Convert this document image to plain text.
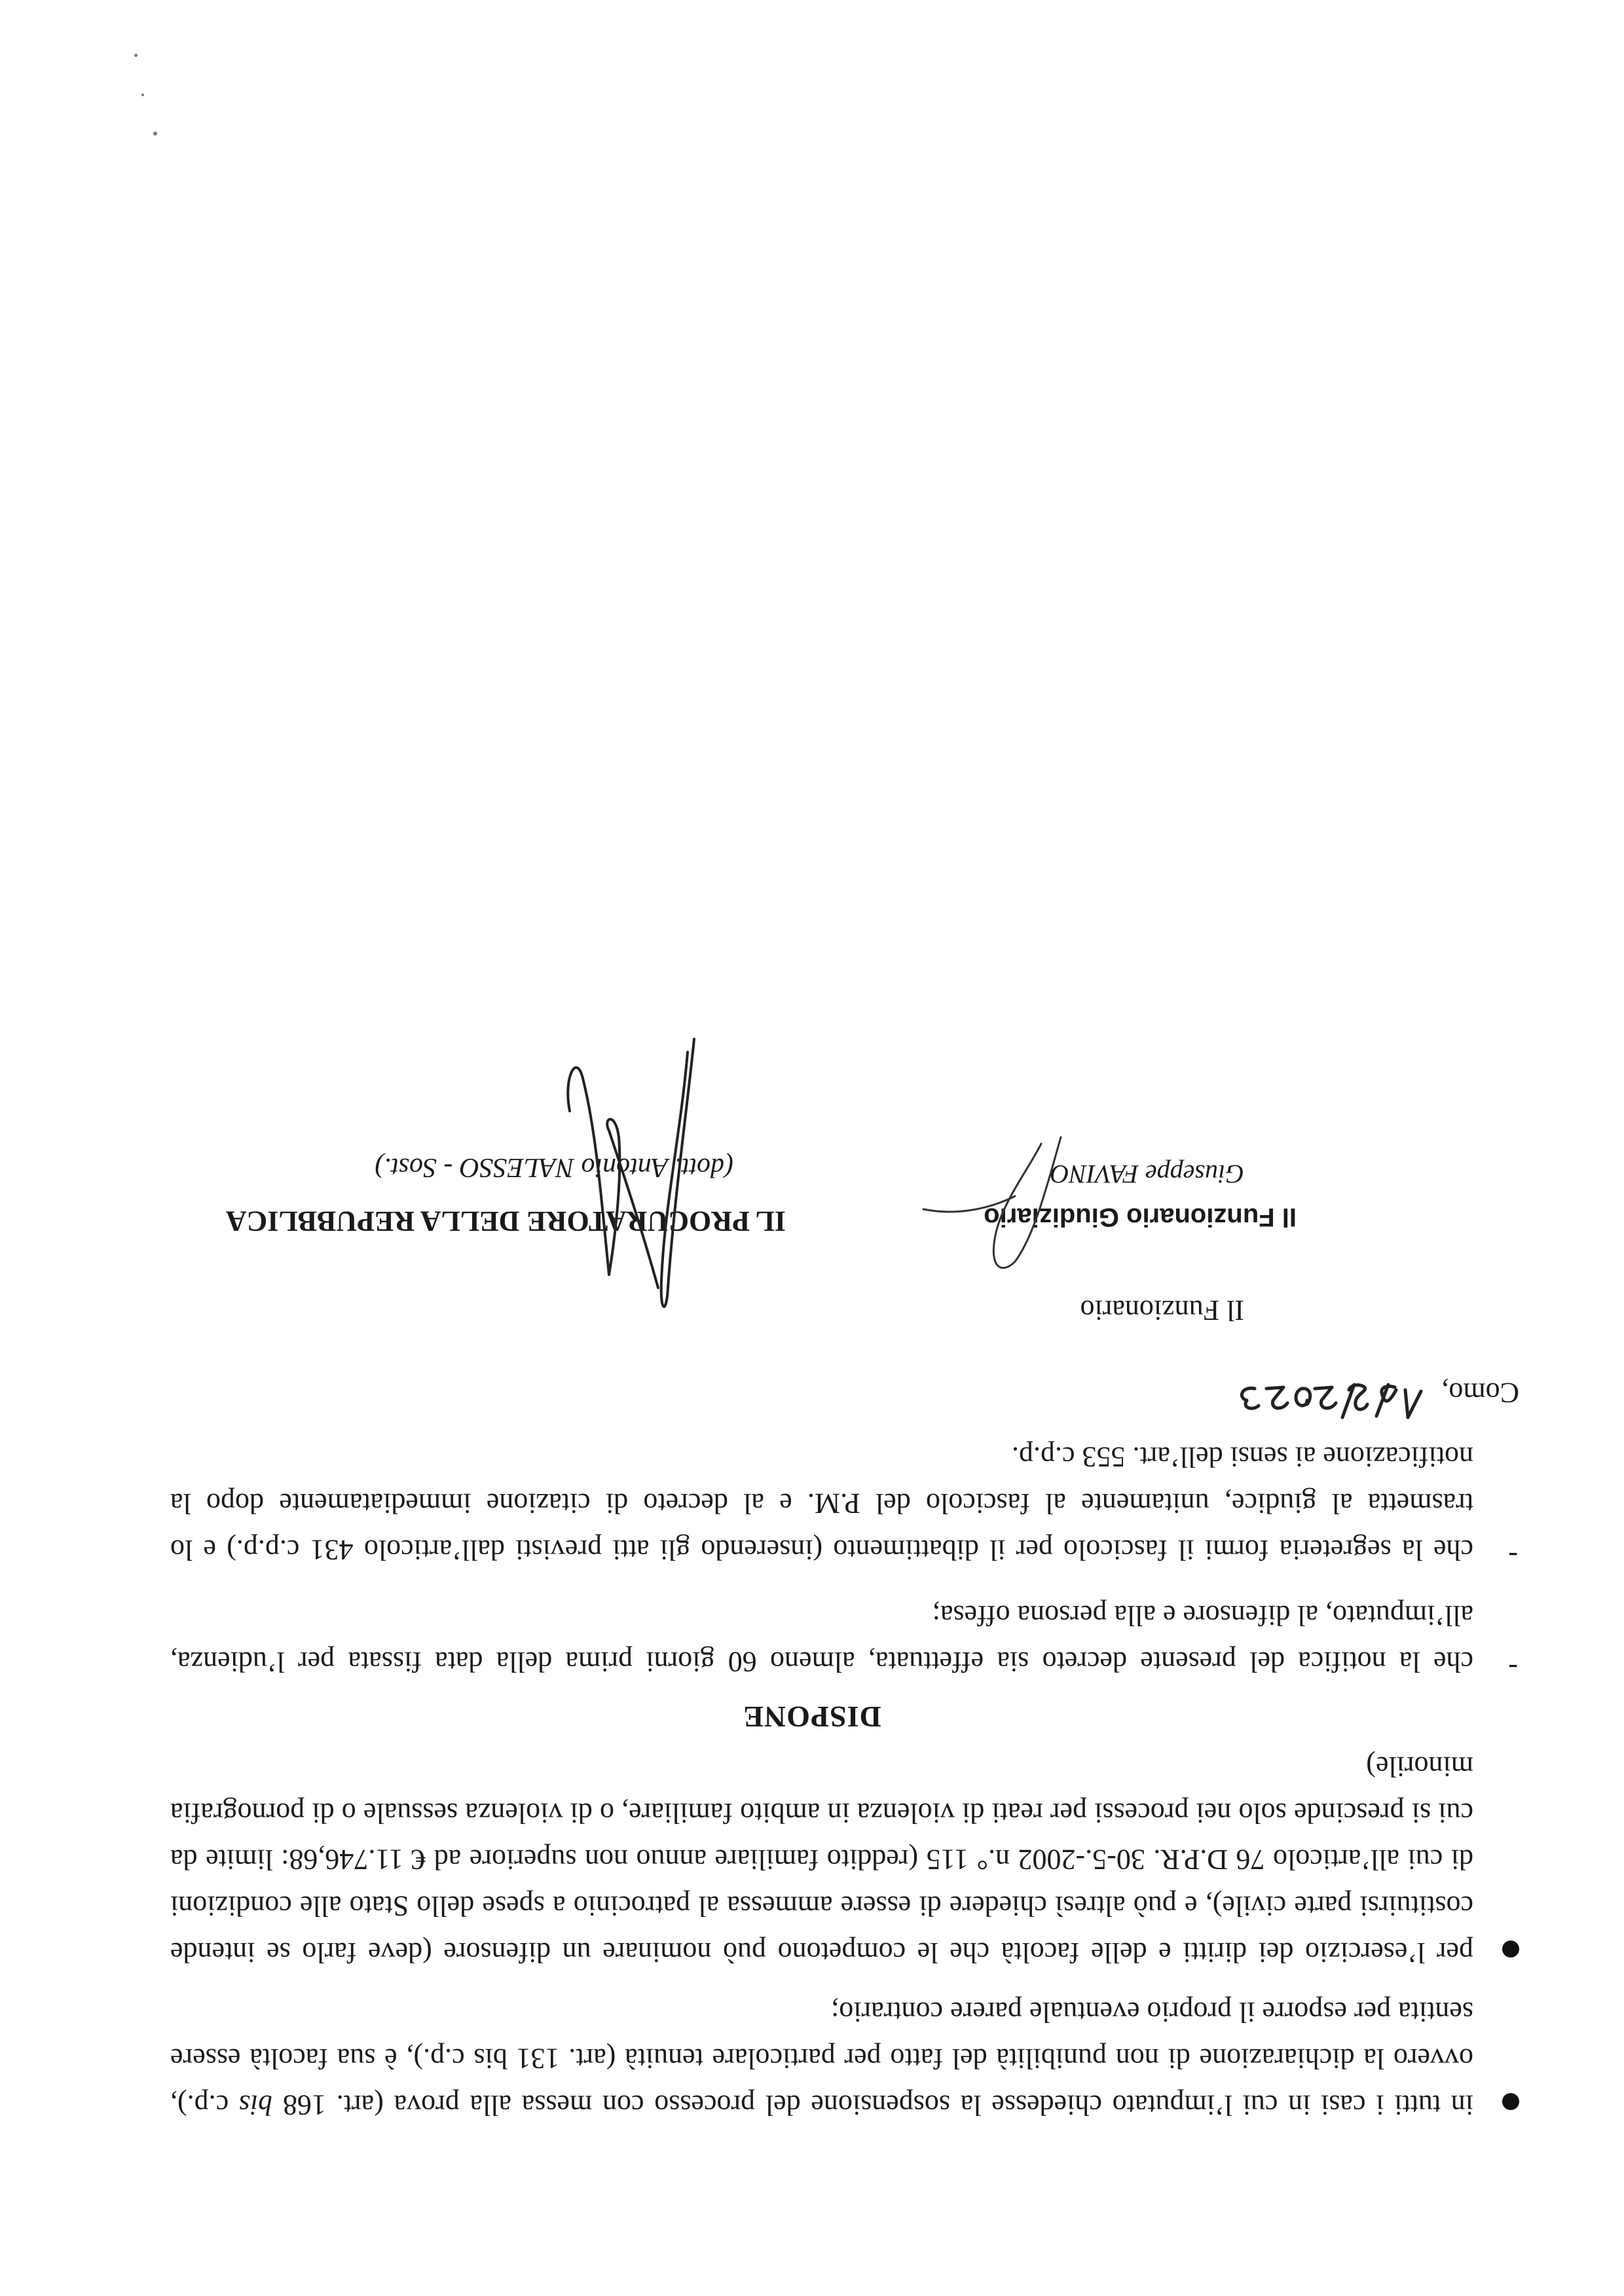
in tutti i casi in cui l’imputato chiedesse la sospensione del processo con messa alla prova (art. 168 bis c.p.), ovvero la dichiarazione di non punibilità del fatto per particolare tenuità (art. 131 bis c.p.), è sua facoltà essere sentita per esporre il proprio eventuale parere contrario;
per l’esercizio dei diritti e delle facoltà che le competono può nominare un difensore (deve farlo se intende costituirsi parte civile), e può altresì chiedere di essere ammessa al patrocinio a spese dello Stato alle condizioni di cui all’articolo 76 D.P.R. 30-5.-2002 n.° 115 (reddito familiare annuo non superiore ad € 11.746,68: limite da cui si prescinde solo nei processi per reati di violenza in ambito familiare, o di violenza sessuale o di pornografia minorile)
DISPONE
-
che la notifica del presente decreto sia effettuata, almeno 60 giorni prima della data fissata per l’udienza, all’imputato, al difensore e alla persona offesa;
-
che la segreteria formi il fascicolo per il dibattimento (inserendo gli atti previsti dall’articolo 431 c.p.p.) e lo trasmetta al giudice, unitamente al fascicolo del P.M. e al decreto di citazione immediatamente dopo la notificazione ai sensi dell’art. 553 c.p.p.
Como,
Il Funzionario
Il Funzionario Giudiziario
Giuseppe FAVINO
IL PROCURATORE DELLA REPUBBLICA
(dott. Antonio NALESSO - Sost.)
